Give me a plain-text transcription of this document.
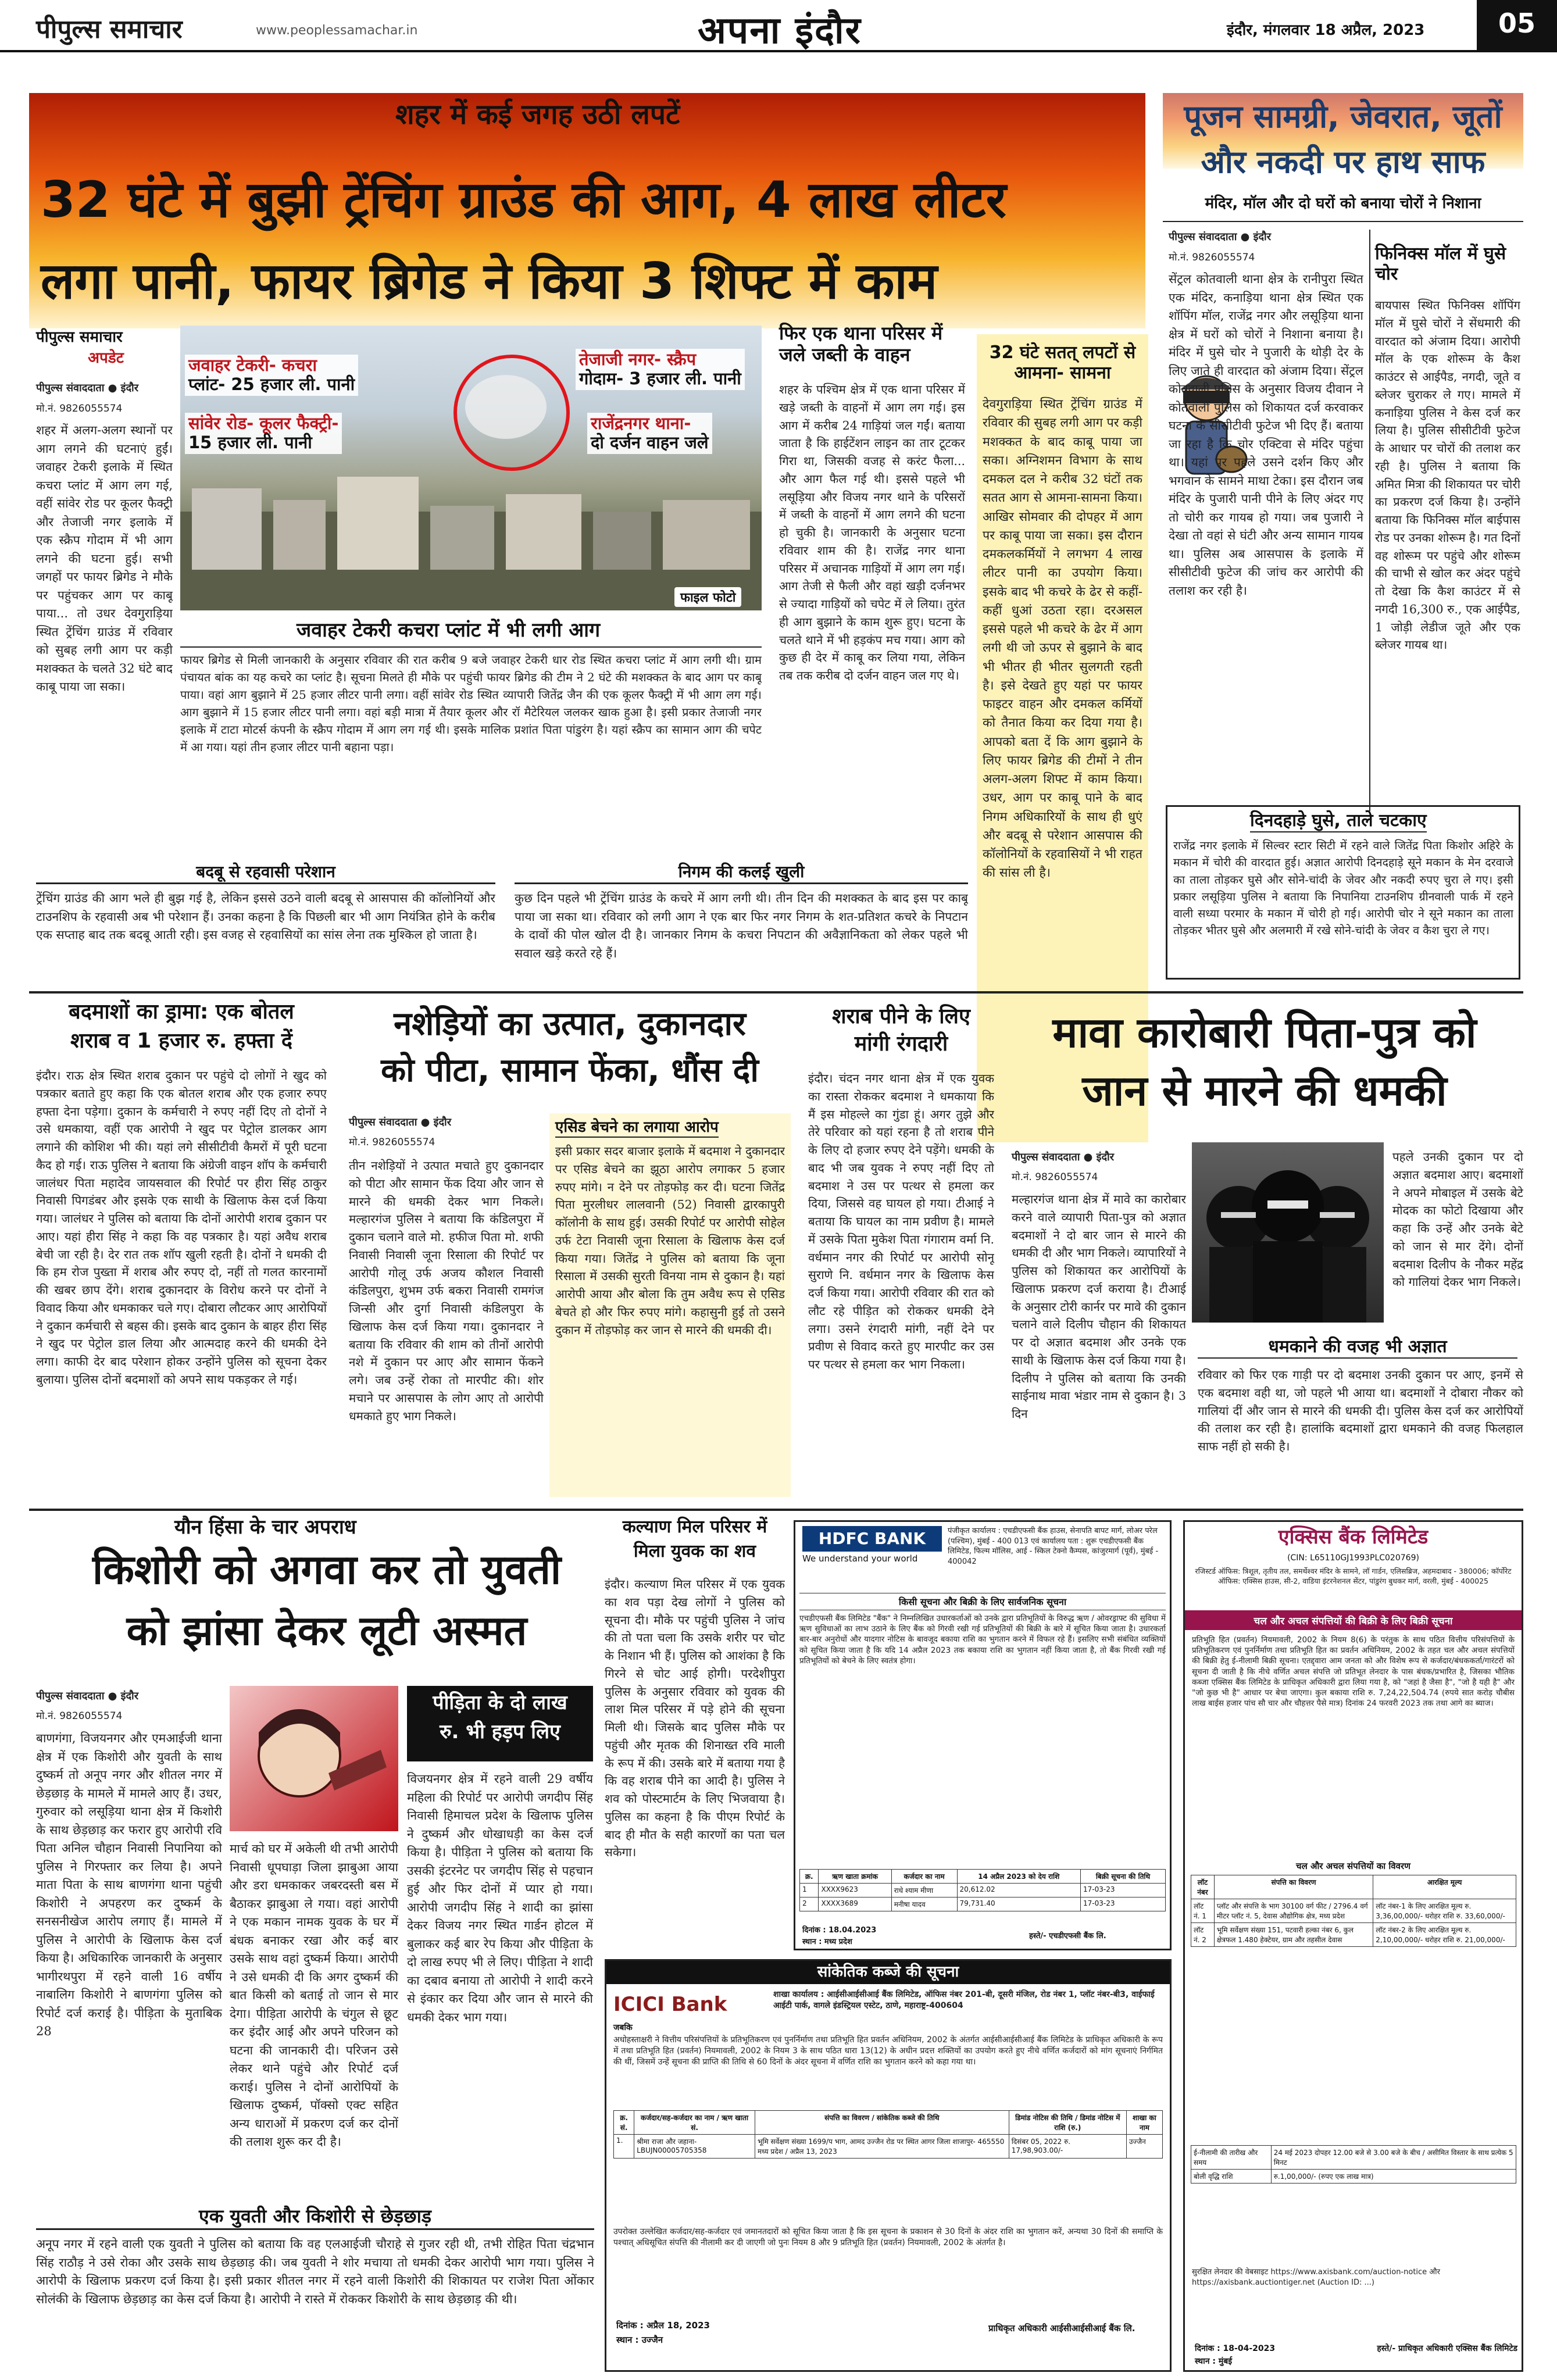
पीपुल्स समाचार	www.peoplessamachar.in	अपना इंदौर	इंदौर, मंगलवार 18 अप्रैल, 2023	05
शहर में कई जगह उठी लपटें
32 घंटे में बुझी ट्रेंचिंग ग्राउंड की आग, 4 लाख लीटर
लगा पानी, फायर ब्रिगेड ने किया 3 शिफ्ट में काम
पीपुल्स समाचार
अपडेट
पीपुल्स संवाददाता ● इंदौर
मो.नं. 9826055574
शहर में अलग-अलग स्थानों पर आग लगने की घटनाएं हुईं। जवाहर टेकरी इलाके में स्थित कचरा प्लांट में आग लग गई, वहीं सांवेर रोड पर कूलर फैक्ट्री और तेजाजी नगर इलाके में एक स्क्रैप गोदाम में भी आग लगने की घटना हुई। सभी जगहों पर फायर ब्रिगेड ने मौके पर पहुंचकर आग पर काबू पाया... तो उधर देवगुराड़िया स्थित ट्रेंचिंग ग्राउंड में रविवार को सुबह लगी आग पर कड़ी मशक्कत के चलते 32 घंटे बाद काबू पाया जा सका।
जवाहर टेकरी- कचरा
प्लांट- 25 हजार ली. पानी
सांवेर रोड- कूलर फैक्ट्री-
15 हजार ली. पानी
तेजाजी नगर- स्क्रैप
गोदाम- 3 हजार ली. पानी
राजेंद्रनगर थाना-
दो दर्जन वाहन जले
फाइल फोटो
जवाहर टेकरी कचरा प्लांट में भी लगी आग
फायर ब्रिगेड से मिली जानकारी के अनुसार रविवार की रात करीब 9 बजे जवाहर टेकरी धार रोड स्थित कचरा प्लांट में आग लगी थी। ग्राम पंचायत बांक का यह कचरे का प्लांट है। सूचना मिलते ही मौके पर पहुंची फायर ब्रिगेड की टीम ने 2 घंटे की मशक्कत के बाद आग पर काबू पाया। वहां आग बुझाने में 25 हजार लीटर पानी लगा। वहीं सांवेर रोड स्थित व्यापारी जितेंद्र जैन की एक कूलर फैक्ट्री में भी आग लग गई। आग बुझाने में 15 हजार लीटर पानी लगा। वहां बड़ी मात्रा में तैयार कूलर और रॉ मैटेरियल जलकर खाक हुआ है। इसी प्रकार तेजाजी नगर इलाके में टाटा मोटर्स कंपनी के स्क्रैप गोदाम में आग लग गई थी। इसके मालिक प्रशांत पिता पांडुरंग है। यहां स्क्रैप का सामान आग की चपेट में आ गया। यहां तीन हजार लीटर पानी बहाना पड़ा।
फिर एक थाना परिसर में जले जब्ती के वाहन
शहर के पश्चिम क्षेत्र में एक थाना परिसर में खड़े जब्ती के वाहनों में आग लग गई। इस आग में करीब 24 गाड़ियां जल गईं। बताया जाता है कि हाईटेंशन लाइन का तार टूटकर गिरा था, जिसकी वजह से करंट फैला... और आग फैल गई थी। इससे पहले भी लसूड़िया और विजय नगर थाने के परिसरों में जब्ती के वाहनों में आग लगने की घटना हो चुकी है। जानकारी के अनुसार घटना रविवार शाम की है। राजेंद्र नगर थाना परिसर में अचानक गाड़ियों में आग लग गई। आग तेजी से फैली और वहां खड़ी दर्जनभर से ज्यादा गाड़ियों को चपेट में ले लिया। तुरंत ही आग बुझाने के काम शुरू हुए। घटना के चलते थाने में भी हड़कंप मच गया। आग को कुछ ही देर में काबू कर लिया गया, लेकिन तब तक करीब दो दर्जन वाहन जल गए थे।
32 घंटे सतत् लपटों से आमना- सामना
देवगुराड़िया स्थित ट्रेंचिंग ग्राउंड में रविवार की सुबह लगी आग पर कड़ी मशक्कत के बाद काबू पाया जा सका। अग्निशमन विभाग के साथ दमकल दल ने करीब 32 घंटों तक सतत आग से आमना-सामना किया। आखिर सोमवार की दोपहर में आग पर काबू पाया जा सका। इस दौरान दमकलकर्मियों ने लगभग 4 लाख लीटर पानी का उपयोग किया। इसके बाद भी कचरे के ढेर से कहीं-कहीं धुआं उठता रहा। दरअसल इससे पहले भी कचरे के ढेर में आग लगी थी जो ऊपर से बुझाने के बाद भी भीतर ही भीतर सुलगती रहती है। इसे देखते हुए यहां पर फायर फाइटर वाहन और दमकल कर्मियों को तैनात किया कर दिया गया है। आपको बता दें कि आग बुझाने के लिए फायर ब्रिगेड की टीमों ने तीन अलग-अलग शिफ्ट में काम किया। उधर, आग पर काबू पाने के बाद निगम अधिकारियों के साथ ही धुएं और बदबू से परेशान आसपास की कॉलोनियों के रहवासियों ने भी राहत की सांस ली है।
बदबू से रहवासी परेशान
ट्रेंचिंग ग्राउंड की आग भले ही बुझ गई है, लेकिन इससे उठने वाली बदबू से आसपास की कॉलोनियों और टाउनशिप के रहवासी अब भी परेशान हैं। उनका कहना है कि पिछली बार भी आग नियंत्रित होने के करीब एक सप्ताह बाद तक बदबू आती रही। इस वजह से रहवासियों का सांस लेना तक मुश्किल हो जाता है।
निगम की कलई खुली
कुछ दिन पहले भी ट्रेंचिंग ग्राउंड के कचरे में आग लगी थी। तीन दिन की मशक्कत के बाद इस पर काबू पाया जा सका था। रविवार को लगी आग ने एक बार फिर नगर निगम के शत-प्रतिशत कचरे के निपटान के दावों की पोल खोल दी है। जानकार निगम के कचरा निपटान की अवैज्ञानिकता को लेकर पहले भी सवाल खड़े करते रहे हैं।
पूजन सामग्री, जेवरात, जूतों
और नकदी पर हाथ साफ
मंदिर, मॉल और दो घरों को बनाया चोरों ने निशाना
पीपुल्स संवाददाता ● इंदौर
मो.नं. 9826055574
सेंट्रल कोतवाली थाना क्षेत्र के रानीपुरा स्थित एक मंदिर, कनाड़िया थाना क्षेत्र स्थित एक शॉपिंग मॉल, राजेंद्र नगर और लसूड़िया थाना क्षेत्र में घरों को चोरों ने निशाना बनाया है। मंदिर में घुसे चोर ने पुजारी के थोड़ी देर के लिए जाते ही वारदात को अंजाम दिया। सेंट्रल कोतवाली पुलिस के अनुसार विजय दीवान ने कोतवाली पुलिस को शिकायत दर्ज करवाकर घटना के सीसीटीवी फुटेज भी दिए हैं। बताया जा रहा है कि चोर एक्टिवा से मंदिर पहुंचा था। यहां पर पहले उसने दर्शन किए और भगवान के सामने माथा टेका। इस दौरान जब मंदिर के पुजारी पानी पीने के लिए अंदर गए तो चोरी कर गायब हो गया। जब पुजारी ने देखा तो वहां से घंटी और अन्य सामान गायब था। पुलिस अब आसपास के इलाके में सीसीटीवी फुटेज की जांच कर आरोपी की तलाश कर रही है।
फिनिक्स मॉल में घुसे चोर
बायपास स्थित फिनिक्स शॉपिंग मॉल में घुसे चोरों ने सेंधमारी की वारदात को अंजाम दिया। आरोपी मॉल के एक शोरूम के कैश काउंटर से आईपैड, नगदी, जूते व ब्लेजर चुराकर ले गए। मामले में कनाड़िया पुलिस ने केस दर्ज कर लिया है। पुलिस सीसीटीवी फुटेज के आधार पर चोरों की तलाश कर रही है। पुलिस ने बताया कि अमित मित्रा की शिकायत पर चोरी का प्रकरण दर्ज किया है। उन्होंने बताया कि फिनिक्स मॉल बाईपास रोड पर उनका शोरूम है। गत दिनों वह शोरूम पर पहुंचे और शोरूम की चाभी से खोल कर अंदर पहुंचे तो देखा कि कैश काउंटर में से नगदी 16,300 रु., एक आईपैड, 1 जोड़ी लेडीज जूते और एक ब्लेजर गायब था।
दिनदहाड़े घुसे, ताले चटकाए
राजेंद्र नगर इलाके में सिल्वर स्टार सिटी में रहने वाले जितेंद्र पिता किशोर अहिरे के मकान में चोरी की वारदात हुई। अज्ञात आरोपी दिनदहाड़े सूने मकान के मेन दरवाजे का ताला तोड़कर घुसे और सोने-चांदी के जेवर और नकदी रुपए चुरा ले गए। इसी प्रकार लसूड़िया पुलिस ने बताया कि निपानिया टाउनशिप ग्रीनवाली पार्क में रहने वाली सध्या परमार के मकान में चोरी हो गई। आरोपी चोर ने सूने मकान का ताला तोड़कर भीतर घुसे और अलमारी में रखे सोने-चांदी के जेवर व कैश चुरा ले गए।
बदमाशों का ड्रामा: एक बोतल
शराब व 1 हजार रु. हफ्ता दें
इंदौर। राऊ क्षेत्र स्थित शराब दुकान पर पहुंचे दो लोगों ने खुद को पत्रकार बताते हुए कहा कि एक बोतल शराब और एक हजार रुपए हफ्ता देना पड़ेगा। दुकान के कर्मचारी ने रुपए नहीं दिए तो दोनों ने उसे धमकाया, वहीं एक आरोपी ने खुद पर पेट्रोल डालकर आग लगाने की कोशिश भी की। यहां लगे सीसीटीवी कैमरों में पूरी घटना कैद हो गई। राऊ पुलिस ने बताया कि अंग्रेजी वाइन शॉप के कर्मचारी जालंधर पिता महादेव जायसवाल की रिपोर्ट पर हीरा सिंह ठाकुर निवासी पिगडंबर और इसके एक साथी के खिलाफ केस दर्ज किया गया। जालंधर ने पुलिस को बताया कि दोनों आरोपी शराब दुकान पर आए। यहां हीरा सिंह ने कहा कि वह पत्रकार है। यहां अवैध शराब बेची जा रही है। देर रात तक शॉप खुली रहती है। दोनों ने धमकी दी कि हम रोज पुख्ता में शराब और रुपए दो, नहीं तो गलत कारनामों की खबर छाप देंगे। शराब दुकानदार के विरोध करने पर दोनों ने विवाद किया और धमकाकर चले गए। दोबारा लौटकर आए आरोपियों ने दुकान कर्मचारी से बहस की। इसके बाद दुकान के बाहर हीरा सिंह ने खुद पर पेट्रोल डाल लिया और आत्मदाह करने की धमकी देने लगा। काफी देर बाद परेशान होकर उन्होंने पुलिस को सूचना देकर बुलाया। पुलिस दोनों बदमाशों को अपने साथ पकड़कर ले गई।
नशेड़ियों का उत्पात, दुकानदार
को पीटा, सामान फेंका, धौंस दी
पीपुल्स संवाददाता ● इंदौर
मो.नं. 9826055574
तीन नशेड़ियों ने उत्पात मचाते हुए दुकानदार को पीटा और सामान फेंक दिया और जान से मारने की धमकी देकर भाग निकले। मल्हारगंज पुलिस ने बताया कि कंडिलपुरा में दुकान चलाने वाले मो. हफीज पिता मो. शफी निवासी निवासी जूना रिसाला की रिपोर्ट पर आरोपी गोलू उर्फ अजय कौशल निवासी कंडिलपुरा, शुभम उर्फ बकरा निवासी रामगंज जिन्सी और दुर्गा निवासी कंडिलपुरा के खिलाफ केस दर्ज किया गया। दुकानदार ने बताया कि रविवार की शाम को तीनों आरोपी नशे में दुकान पर आए और सामान फेंकने लगे। जब उन्हें रोका तो मारपीट की। शोर मचाने पर आसपास के लोग आए तो आरोपी धमकाते हुए भाग निकले।
एसिड बेचने का लगाया आरोप
इसी प्रकार सदर बाजार इलाके में बदमाश ने दुकानदार पर एसिड बेचने का झूठा आरोप लगाकर 5 हजार रुपए मांगे। न देने पर तोड़फोड़ कर दी। घटना जितेंद्र पिता मुरलीधर लालवानी (52) निवासी द्वारकापुरी कॉलोनी के साथ हुई। उसकी रिपोर्ट पर आरोपी सोहेल उर्फ टेटा निवासी जूना रिसाला के खिलाफ केस दर्ज किया गया। जितेंद्र ने पुलिस को बताया कि जूना रिसाला में उसकी सुरती विनया नाम से दुकान है। यहां आरोपी आया और बोला कि तुम अवैध रूप से एसिड बेचते हो और फिर रुपए मांगे। कहासुनी हुई तो उसने दुकान में तोड़फोड़ कर जान से मारने की धमकी दी।
शराब पीने के लिए
मांगी रंगदारी
इंदौर। चंदन नगर थाना क्षेत्र में एक युवक का रास्ता रोककर बदमाश ने धमकाया कि मैं इस मोहल्ले का गुंडा हूं। अगर तुझे और तेरे परिवार को यहां रहना है तो शराब पीने के लिए दो हजार रुपए देने पड़ेंगे। धमकी के बाद भी जब युवक ने रुपए नहीं दिए तो बदमाश ने उस पर पत्थर से हमला कर दिया, जिससे वह घायल हो गया। टीआई ने बताया कि घायल का नाम प्रवीण है। मामले में उसके पिता मुकेश पिता गंगाराम वर्मा नि. वर्धमान नगर की रिपोर्ट पर आरोपी सोनू सुराणे नि. वर्धमान नगर के खिलाफ केस दर्ज किया गया। आरोपी रविवार की रात को लौट रहे पीड़ित को रोककर धमकी देने लगा। उसने रंगदारी मांगी, नहीं देने पर प्रवीण से विवाद करते हुए मारपीट कर उस पर पत्थर से हमला कर भाग निकला।
मावा कारोबारी पिता-पुत्र को
जान से मारने की धमकी
पीपुल्स संवाददाता ● इंदौर
मो.नं. 9826055574
मल्हारगंज थाना क्षेत्र में मावे का कारोबार करने वाले व्यापारी पिता-पुत्र को अज्ञात बदमाशों ने दो बार जान से मारने की धमकी दी और भाग निकले। व्यापारियों ने पुलिस को शिकायत कर आरोपियों के खिलाफ प्रकरण दर्ज कराया है। टीआई के अनुसार टोरी कार्नर पर मावे की दुकान चलाने वाले दिलीप चौहान की शिकायत पर दो अज्ञात बदमाश और उनके एक साथी के खिलाफ केस दर्ज किया गया है। दिलीप ने पुलिस को बताया कि उनकी साईनाथ मावा भंडार नाम से दुकान है। 3 दिन
पहले उनकी दुकान पर दो अज्ञात बदमाश आए। बदमाशों ने अपने मोबाइल में उसके बेटे मोदक का फोटो दिखाया और कहा कि उन्हें और उनके बेटे को जान से मार देंगे। दोनों बदमाश दिलीप के नौकर महेंद्र को गालियां देकर भाग निकले।
धमकाने की वजह भी अज्ञात
रविवार को फिर एक गाड़ी पर दो बदमाश उनकी दुकान पर आए, इनमें से एक बदमाश वही था, जो पहले भी आया था। बदमाशों ने दोबारा नौकर को गालियां दीं और जान से मारने की धमकी दी। पुलिस केस दर्ज कर आरोपियों की तलाश कर रही है। हालांकि बदमाशों द्वारा धमकाने की वजह फिलहाल साफ नहीं हो सकी है।
यौन हिंसा के चार अपराध
किशोरी को अगवा कर तो युवती
को झांसा देकर लूटी अस्मत
पीपुल्स संवाददाता ● इंदौर
मो.नं. 9826055574
बाणगंगा, विजयनगर और एमआईजी थाना क्षेत्र में एक किशोरी और युवती के साथ दुष्कर्म तो अनूप नगर और शीतल नगर में छेड़छाड़ के मामले में मामले आए हैं। उधर, गुरुवार को लसूड़िया थाना क्षेत्र में किशोरी के साथ छेड़छाड़ कर फरार हुए आरोपी रवि पिता अनिल चौहान निवासी निपानिया को पुलिस ने गिरफ्तार कर लिया है। अपने माता पिता के साथ बाणगंगा थाना पहुंची किशोरी ने अपहरण कर दुष्कर्म के सनसनीखेज आरोप लगाए हैं। मामले में पुलिस ने आरोपी के खिलाफ केस दर्ज किया है। अधिकारिक जानकारी के अनुसार भागीरथपुरा में रहने वाली 16 वर्षीय नाबालिग किशोरी ने बाणगंगा पुलिस को रिपोर्ट दर्ज कराई है। पीड़िता के मुताबिक 28
मार्च को घर में अकेली थी तभी आरोपी निवासी धूपघाड़ा जिला झाबुआ आया और डरा धमकाकर जबरदस्ती बस में बैठाकर झाबुआ ले गया। वहां आरोपी ने एक मकान नामक युवक के घर में बंधक बनाकर रखा और कई बार उसके साथ वहां दुष्कर्म किया। आरोपी ने उसे धमकी दी कि अगर दुष्कर्म की बात किसी को बताई तो जान से मार देगा। पीड़िता आरोपी के चंगुल से छूट कर इंदौर आई और अपने परिजन को घटना की जानकारी दी। परिजन उसे लेकर थाने पहुंचे और रिपोर्ट दर्ज कराई। पुलिस ने दोनों आरोपियों के खिलाफ दुष्कर्म, पॉक्सो एक्ट सहित अन्य धाराओं में प्रकरण दर्ज कर दोनों की तलाश शुरू कर दी है।
पीड़िता के दो लाख
रु. भी हड़प लिए
विजयनगर क्षेत्र में रहने वाली 29 वर्षीय महिला की रिपोर्ट पर आरोपी जगदीप सिंह निवासी हिमाचल प्रदेश के खिलाफ पुलिस ने दुष्कर्म और धोखाधड़ी का केस दर्ज किया है। पीड़िता ने पुलिस को बताया कि उसकी इंटरनेट पर जगदीप सिंह से पहचान हुई और फिर दोनों में प्यार हो गया। आरोपी जगदीप सिंह ने शादी का झांसा देकर विजय नगर स्थित गार्डन होटल में बुलाकर कई बार रेप किया और पीड़िता के दो लाख रुपए भी ले लिए। पीड़िता ने शादी का दबाव बनाया तो आरोपी ने शादी करने से इंकार कर दिया और जान से मारने की धमकी देकर भाग गया।
एक युवती और किशोरी से छेड़छाड़
अनूप नगर में रहने वाली एक युवती ने पुलिस को बताया कि वह एलआईजी चौराहे से गुजर रही थी, तभी रोहित पिता चंद्रभान सिंह राठौड़ ने उसे रोका और उसके साथ छेड़छाड़ की। जब युवती ने शोर मचाया तो धमकी देकर आरोपी भाग गया। पुलिस ने आरोपी के खिलाफ प्रकरण दर्ज किया है। इसी प्रकार शीतल नगर में रहने वाली किशोरी की शिकायत पर राजेश पिता ओंकार सोलंकी के खिलाफ छेड़छाड़ का केस दर्ज किया है। आरोपी ने रास्ते में रोककर किशोरी के साथ छेड़छाड़ की थी।
कल्याण मिल परिसर में
मिला युवक का शव
इंदौर। कल्याण मिल परिसर में एक युवक का शव पड़ा देख लोगों ने पुलिस को सूचना दी। मौके पर पहुंची पुलिस ने जांच की तो पता चला कि उसके शरीर पर चोट के निशान भी हैं। पुलिस को आशंका है कि गिरने से चोट आई होगी। परदेशीपुरा पुलिस के अनुसार रविवार को युवक की लाश मिल परिसर में पड़े होने की सूचना मिली थी। जिसके बाद पुलिस मौके पर पहुंची और मृतक की शिनाख्त रवि माली के रूप में की। उसके बारे में बताया गया है कि वह शराब पीने का आदी है। पुलिस ने शव को पोस्टमार्टम के लिए भिजवाया है। पुलिस का कहना है कि पीएम रिपोर्ट के बाद ही मौत के सही कारणों का पता चल सकेगा।
HDFC BANK
We understand your world
पंजीकृत कार्यालय : एचडीएफसी बैंक हाउस, सेनापति बापट मार्ग, लोअर परेल (पश्चिम), मुंबई - 400 013 एवं कार्यालय पता : शुरू एचडीएफसी बैंक लिमिटेड, फिल्म मॉलिस, आई - स्किल टेक्नो कैम्पस, कांजुरमार्ग (पूर्व), मुंबई - 400042
किसी सूचना और बिक्री के लिए सार्वजनिक सूचना
एचडीएफसी बैंक लिमिटेड "बैंक" ने निम्नलिखित उधारकर्ताओं को उनके द्वारा प्रतिभूतियों के विरुद्ध ऋण / ओवरड्राफ्ट की सुविधा में ऋण सुविधाओं का लाभ उठाने के लिए बैंक को गिरवी रखी गई प्रतिभूतियों की बिक्री के बारे में सूचित किया जाता है। उधारकर्ता बार-बार अनुरोधों और यादगार नोटिस के बावजूद बकाया राशि का भुगतान करने में विफल रहे हैं। इसलिए सभी संबंधित व्यक्तियों को सूचित किया जाता है कि यदि 14 अप्रैल 2023 तक बकाया राशि का भुगतान नहीं किया जाता है, तो बैंक गिरवी रखी गई प्रतिभूतियों को बेचने के लिए स्वतंत्र होगा।
क्र.	ऋण खाता क्रमांक	कर्जदार का नाम	14 अप्रैल 2023 को देय राशि	बिक्री सूचना की तिथि
1	XXXX9623	राधे श्याम मीणा	20,612.02	17-03-23
2	XXXX3689	मनीषा यादव	79,731.40	17-03-23
दिनांक : 18.04.2023
स्थान : मध्य प्रदेश
हस्ते/- एचडीएफसी बैंक लि.
सांकेतिक कब्जे की सूचना
ICICI Bank	शाखा कार्यालय : आईसीआईसीआई बैंक लिमिटेड, ऑफिस नंबर 201-बी, दूसरी मंजिल, रोड नंबर 1, प्लॉट नंबर-बी3, वाईफाई आईटी पार्क, वागले इंडस्ट्रियल एस्टेट, ठाणे, महाराष्ट्र-400604
जबकि
अधोहस्ताक्षरी ने वित्तीय परिसंपत्तियों के प्रतिभूतिकरण एवं पुनर्निर्माण तथा प्रतिभूति हित प्रवर्तन अधिनियम, 2002 के अंतर्गत आईसीआईसीआई बैंक लिमिटेड के प्राधिकृत अधिकारी के रूप में तथा प्रतिभूति हित (प्रवर्तन) नियमावली, 2002 के नियम 3 के साथ पठित धारा 13(12) के अधीन प्रदत्त शक्तियों का उपयोग करते हुए नीचे वर्णित कर्जदारों को मांग सूचनाएं निर्गमित की थीं, जिसमें उन्हें सूचना की प्राप्ति की तिथि से 60 दिनों के अंदर सूचना में वर्णित राशि का भुगतान करने को कहा गया था।
क्र. सं.	कर्जदार/सह-कर्जदार का नाम / ऋण खाता सं.	संपत्ति का विवरण / सांकेतिक कब्जे की तिथि	डिमांड नोटिस की तिथि / डिमांड नोटिस में राशि (रु.)	शाखा का नाम
1.	श्रीमा राजा और जहाना- LBUJN00005705358	भूमि सर्वेक्षण संख्या 1699/प भाग, आमद उज्जैन रोड पर स्थित आगर जिला शाजापुर- 465550 मध्य प्रदेश / अप्रैल 13, 2023	दिसंबर 05, 2022 रु. 17,98,903.00/-	उज्जैन
उपरोक्त उल्लेखित कर्जदार/सह-कर्जदार एवं जमानतदारों को सूचित किया जाता है कि इस सूचना के प्रकाशन से 30 दिनों के अंदर राशि का भुगतान करें, अन्यथा 30 दिनों की समाप्ति के पश्चात् अधिसूचित संपत्ति की नीलामी कर दी जाएगी जो पुनः नियम 8 और 9 प्रतिभूति हित (प्रवर्तन) नियमावली, 2002 के अंतर्गत है।
दिनांक : अप्रैल 18, 2023
स्थान : उज्जैन
प्राधिकृत अधिकारी आईसीआईसीआई बैंक लि.
एक्सिस बैंक लिमिटेड
(CIN: L65110GJ1993PLC020769)
रजिस्टर्ड ऑफिस: त्रिशूल, तृतीय तल, समर्थेश्वर मंदिर के सामने, लॉ गार्डन, एलिसब्रिज, अहमदाबाद - 380006; कॉर्पोरेट ऑफिस: एक्सिस हाउस, सी-2, वाडिया इंटरनेशनल सेंटर, पांडुरंग बुधकर मार्ग, वरली, मुंबई - 400025
चल और अचल संपत्तियों की बिक्री के लिए बिक्री सूचना
प्रतिभूति हित (प्रवर्तन) नियमावली, 2002 के नियम 8(6) के परंतुक के साथ पठित वित्तीय परिसंपत्तियों के प्रतिभूतिकरण एवं पुनर्निर्माण तथा प्रतिभूति हित का प्रवर्तन अधिनियम, 2002 के तहत चल और अचल संपत्तियों की बिक्री हेतु ई-नीलामी बिक्री सूचना। एतद्द्वारा आम जनता को और विशेष रूप से कर्जदार/बंधककर्ता/गारंटरों को सूचना दी जाती है कि नीचे वर्णित अचल संपत्ति जो प्रतिभूत लेनदार के पास बंधक/प्रभारित है, जिसका भौतिक कब्जा एक्सिस बैंक लिमिटेड के प्राधिकृत अधिकारी द्वारा लिया गया है, को "जहां है जैसा है", "जो है यही है" और "जो कुछ भी है" आधार पर बेचा जाएगा। कुल बकाया राशि रु. 7,24,22,504.74 (रुपये सात करोड़ चौबीस लाख बाईस हजार पांच सौ चार और चौहत्तर पैसे मात्र) दिनांक 24 फरवरी 2023 तक तथा आगे का ब्याज।
चल और अचल संपत्तियों का विवरण
लॉट नंबर	संपत्ति का विवरण	आरक्षित मूल्य
लॉट नं. 1	प्लॉट और संपत्ति के भाग 30100 वर्ग फीट / 2796.4 वर्ग मीटर प्लॉट नं. 5, देवास औद्योगिक क्षेत्र, मध्य प्रदेश	लॉट नंबर-1 के लिए आरक्षित मूल्य रु. 3,36,00,000/- धरोहर राशि रु. 33,60,000/-
लॉट नं. 2	भूमि सर्वेक्षण संख्या 151, पटवारी हल्का नंबर 6, कुल क्षेत्रफल 1.480 हेक्टेयर, ग्राम और तहसील देवास	लॉट नंबर-2 के लिए आरक्षित मूल्य रु. 2,10,00,000/- धरोहर राशि रु. 21,00,000/-
ई-नीलामी की तारीख और समय	24 मई 2023 दोपहर 12.00 बजे से 3.00 बजे के बीच / असीमित विस्तार के साथ प्रत्येक 5 मिनट
बोली वृद्धि राशि	रु.1,00,000/- (रुपए एक लाख मात्र)
सुरक्षित लेनदार की वेबसाइट https://www.axisbank.com/auction-notice और https://axisbank.auctiontiger.net (Auction ID: ...)
दिनांक : 18-04-2023
स्थान : मुंबई
हस्ते/- प्राधिकृत अधिकारी एक्सिस बैंक लिमिटेड
